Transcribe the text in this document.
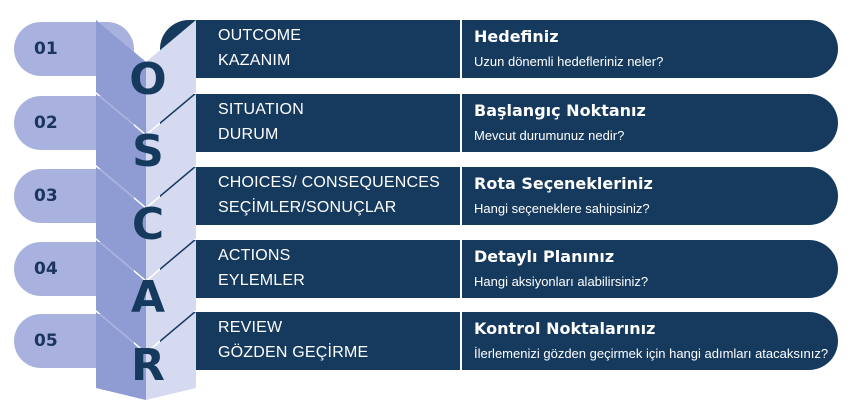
01
OUTCOME
KAZANIM
Hedefiniz
Uzun dönemli hedefleriniz neler?
02
SITUATION
DURUM
Başlangıç Noktanız
Mevcut durumunuz nedir?
03
CHOICES/ CONSEQUENCES
SEÇİMLER/SONUÇLAR
Rota Seçenekleriniz
Hangi seçeneklere sahipsiniz?
04
ACTIONS
EYLEMLER
Detaylı Planınız
Hangi aksiyonları alabilirsiniz?
05
REVIEW
GÖZDEN GEÇİRME
Kontrol Noktalarınız
İlerlemenizi gözden geçirmek için hangi adımları atacaksınız?
O
S
C
A
R
